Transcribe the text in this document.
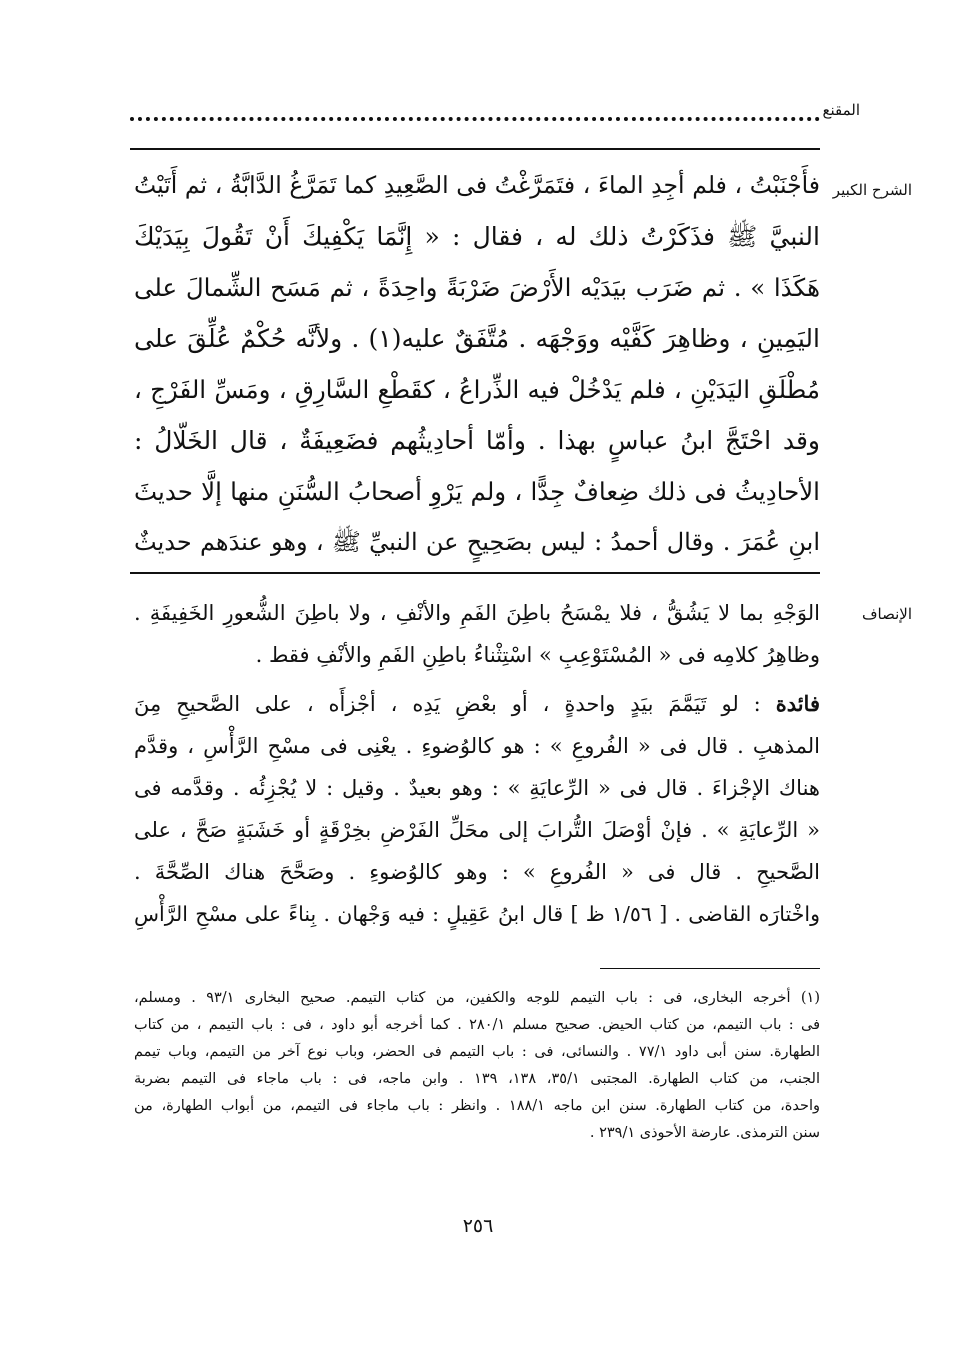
المقنع
الشرح الكبير
فأَجْنَبْتُ ، فلم أجِدِ الماءَ ، فتَمَرَّغْتُ فى الصَّعِيدِ كما تَمَرَّغُ الدَّابَّةُ ، ثم أَتَيْتُ
النبيَّ ﷺ فذَكَرْتُ ذلك له ، فقال : « إِنَّمَا يَكْفِيكَ أَنْ تَقُولَ بِيَدَيْكَ
هَكَذَا » . ثم ضَرَب بيَدَيْه الأَرْضَ ضَرْبَةً واحِدَةً ، ثم مَسَح الشِّمالَ على
اليَمِينِ ، وظاهِرَ كَفَّيْه ووَجْهَه . مُتَّفَقٌ عليه(١) . ولأنَّه حُكْمٌ عُلِّقَ على
مُطْلَقِ اليَدَيْنِ ، فلم يَدْخُلْ فيه الذِّراعُ ، كقَطْعِ السَّارِقِ ، ومَسِّ الفَرْجِ ،
وقد احْتَجَّ ابنُ عباسٍ بهذا . وأمّا أحادِيثُهم فضَعِيفَةٌ ، قال الخَلّالُ :
الأحادِيثُ فى ذلك ضِعافٌ جِدًّا ، ولم يَرْوِ أصحابُ السُّنَنِ منها إلَّا حديثَ
ابنِ عُمَرَ . وقال أحمدُ : ليس بصَحِيحٍ عن النبيِّ ﷺ ، وهو عندَهم حديثٌ
الإنصاف
الوَجْهِ بما لا يَشُقُّ ، فلا يمْسَحُ باطِنَ الفَمِ والأنْفِ ، ولا باطِنَ الشُّعورِ الخَفِيفَةِ .
وظاهِرُ كلامِه فى « المُسْتَوْعِبِ » اسْتِثْناءُ باطِنِ الفَمِ والأنْفِ فقط .
فائدة : لو تَيَمَّمَ بيَدٍ واحدةٍ ، أو بعْضِ يَدِه ، أجْزأَه ، على الصَّحيحِ مِنَ
المذهبِ . قال فى « الفُروعِ » : هو كالوُضوءِ . يعْنِى فى مسْحِ الرَّأْسِ ، وقدَّم
هناك الإجْزاءَ . قال فى « الرِّعايَةِ » : وهو بعيدٌ . وقيل : لا يُجْزِئُه . وقدَّمه فى
« الرِّعايَةِ » . فإنْ أوْصَلَ التُّرابَ إلى محَلِّ الفَرْضِ بخِرْقَةٍ أو خَشَبَةٍ صَحَّ ، على
الصَّحيحِ . قال فى « الفُروعِ » : وهو كالوُضوءِ . وصَحَّحَ هناك الصِّحَّةَ .
واخْتارَه القاضى . [ ١/٥٦ ظ ] قال ابنُ عَقِيلٍ : فيه وَجْهان . بِناءً على مسْحِ الرَّأْسِ
(١) أخرجه البخارى، فى : باب التيمم للوجه والكفين، من كتاب التيمم. صحيح البخارى ٩٣/١ . ومسلم،
فى : باب التيمم، من كتاب الحيض. صحيح مسلم ٢٨٠/١ . كما أخرجه أبو داود ، فى : باب التيمم ، من كتاب
الطهارة. سنن أبى داود ٧٧/١ . والنسائى، فى : باب التيمم فى الحضر، وباب نوع آخر من التيمم، وباب تيمم
الجنب، من كتاب الطهارة. المجتبى ٣٥/١، ١٣٨، ١٣٩ . وابن ماجه، فى : باب ماجاء فى التيمم بضربة
واحدة، من كتاب الطهارة. سنن ابن ماجه ١٨٨/١ . وانظر : باب ماجاء فى التيمم، من أبواب الطهارة، من
سنن الترمذى. عارضة الأحوذى ٢٣٩/١ .
٢٥٦
